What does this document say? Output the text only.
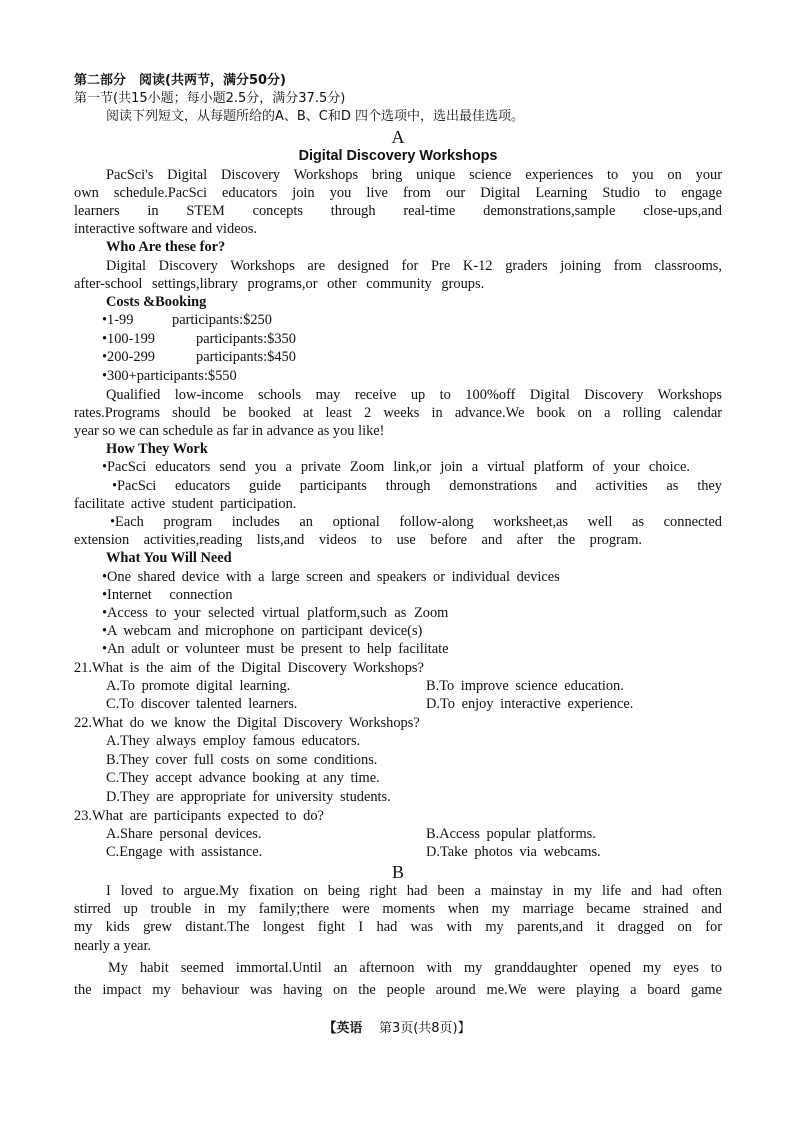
第二部分　阅读(共两节，满分50分)
第一节(共15小题；每小题2.5分，满分37.5分)
阅读下列短文，从每题所给的A、B、C和D 四个选项中，选出最佳选项。
A
Digital Discovery Workshops
PacSci's Digital Discovery Workshops bring unique science experiences to you on your
own schedule.PacSci educators join you live from our Digital Learning Studio to engage
learners in STEM concepts through real-time demonstrations,sample close-ups,and
interactive software and videos.
Who Are these for?
Digital Discovery Workshops are designed for Pre K-12 graders joining from classrooms,
after-school settings,library programs,or other community groups.
Costs &Booking
•1-99	participants:$250
•100-199	participants:$350
•200-299	participants:$450
•300+participants:$550
Qualified low-income schools may receive up to 100%off Digital Discovery Workshops
rates.Programs should be booked at least 2 weeks in advance.We book on a rolling calendar
year so we can schedule as far in advance as you like!
How They Work
•PacSci educators send you a private Zoom link,or join a virtual platform of your choice.
•PacSci educators guide participants through demonstrations and activities as they
facilitate active student participation.
•Each program includes an optional follow-along worksheet,as well as connected
extension activities,reading lists,and videos to use before and after the program.
What You Will Need
•One shared device with a large screen and speakers or individual devices
•Internet connection
•Access to your selected virtual platform,such as Zoom
•A webcam and microphone on participant device(s)
•An adult or volunteer must be present to help facilitate
21.What is the aim of the Digital Discovery Workshops?
A.To promote digital learning.	B.To improve science education.
C.To discover talented learners.	D.To enjoy interactive experience.
22.What do we know the Digital Discovery Workshops?
A.They always employ famous educators.
B.They cover full costs on some conditions.
C.They accept advance booking at any time.
D.They are appropriate for university students.
23.What are participants expected to do?
A.Share personal devices.	B.Access popular platforms.
C.Engage with assistance.	D.Take photos via webcams.
B
I loved to argue.My fixation on being right had been a mainstay in my life and had often
stirred up trouble in my family;there were moments when my marriage became strained and
my kids grew distant.The longest fight I had was with my parents,and it dragged on for
nearly a year.
My habit seemed immortal.Until an afternoon with my granddaughter opened my eyes to
the impact my behaviour was having on the people around me.We were playing a board game
【英语 第3页(共8页)】
